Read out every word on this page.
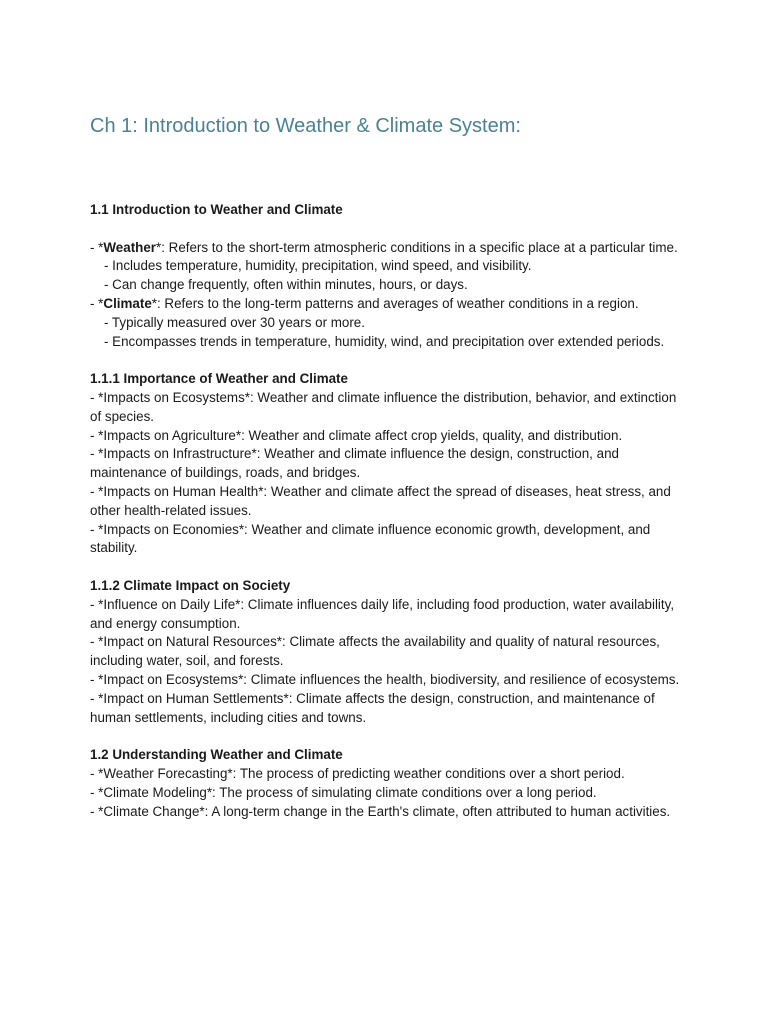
Ch 1: Introduction to Weather & Climate System:

1.1 Introduction to Weather and Climate

- *Weather*: Refers to the short-term atmospheric conditions in a specific place at a particular time.

- Includes temperature, humidity, precipitation, wind speed, and visibility.

- Can change frequently, often within minutes, hours, or days.

- *Climate*: Refers to the long-term patterns and averages of weather conditions in a region.

- Typically measured over 30 years or more.

- Encompasses trends in temperature, humidity, wind, and precipitation over extended periods.

1.1.1 Importance of Weather and Climate

- *Impacts on Ecosystems*: Weather and climate influence the distribution, behavior, and extinction of species.

- *Impacts on Agriculture*: Weather and climate affect crop yields, quality, and distribution.

- *Impacts on Infrastructure*: Weather and climate influence the design, construction, and maintenance of buildings, roads, and bridges.

- *Impacts on Human Health*: Weather and climate affect the spread of diseases, heat stress, and other health-related issues.

- *Impacts on Economies*: Weather and climate influence economic growth, development, and stability.

1.1.2 Climate Impact on Society

- *Influence on Daily Life*: Climate influences daily life, including food production, water availability, and energy consumption.

- *Impact on Natural Resources*: Climate affects the availability and quality of natural resources, including water, soil, and forests.

- *Impact on Ecosystems*: Climate influences the health, biodiversity, and resilience of ecosystems.

- *Impact on Human Settlements*: Climate affects the design, construction, and maintenance of human settlements, including cities and towns.

1.2 Understanding Weather and Climate

- *Weather Forecasting*: The process of predicting weather conditions over a short period.

- *Climate Modeling*: The process of simulating climate conditions over a long period.

- *Climate Change*: A long-term change in the Earth's climate, often attributed to human activities.
